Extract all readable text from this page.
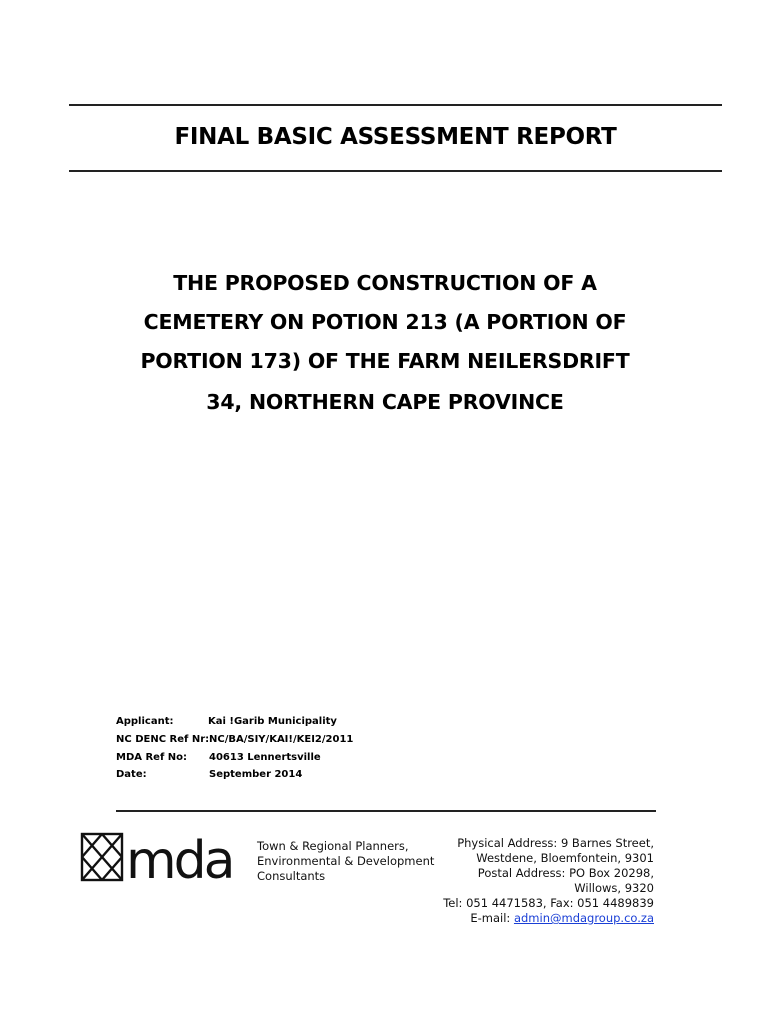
FINAL BASIC ASSESSMENT REPORT
THE PROPOSED CONSTRUCTION OF A
CEMETERY ON POTION 213 (A PORTION OF
PORTION 173) OF THE FARM NEILERSDRIFT
34, NORTHERN CAPE PROVINCE
Applicant:	Kai !Garib Municipality
NC DENC Ref Nr: NC/BA/SIY/KAI!/KEI2/2011
MDA Ref No: 40613 Lennertsville
Date:	September 2014
mda Town & Regional Planners,
Environmental & Development
Consultants
Physical Address: 9 Barnes Street,
Westdene, Bloemfontein, 9301
Postal Address: PO Box 20298,
Willows, 9320
Tel: 051 4471583, Fax: 051 4489839
E-mail: admin@mdagroup.co.za
